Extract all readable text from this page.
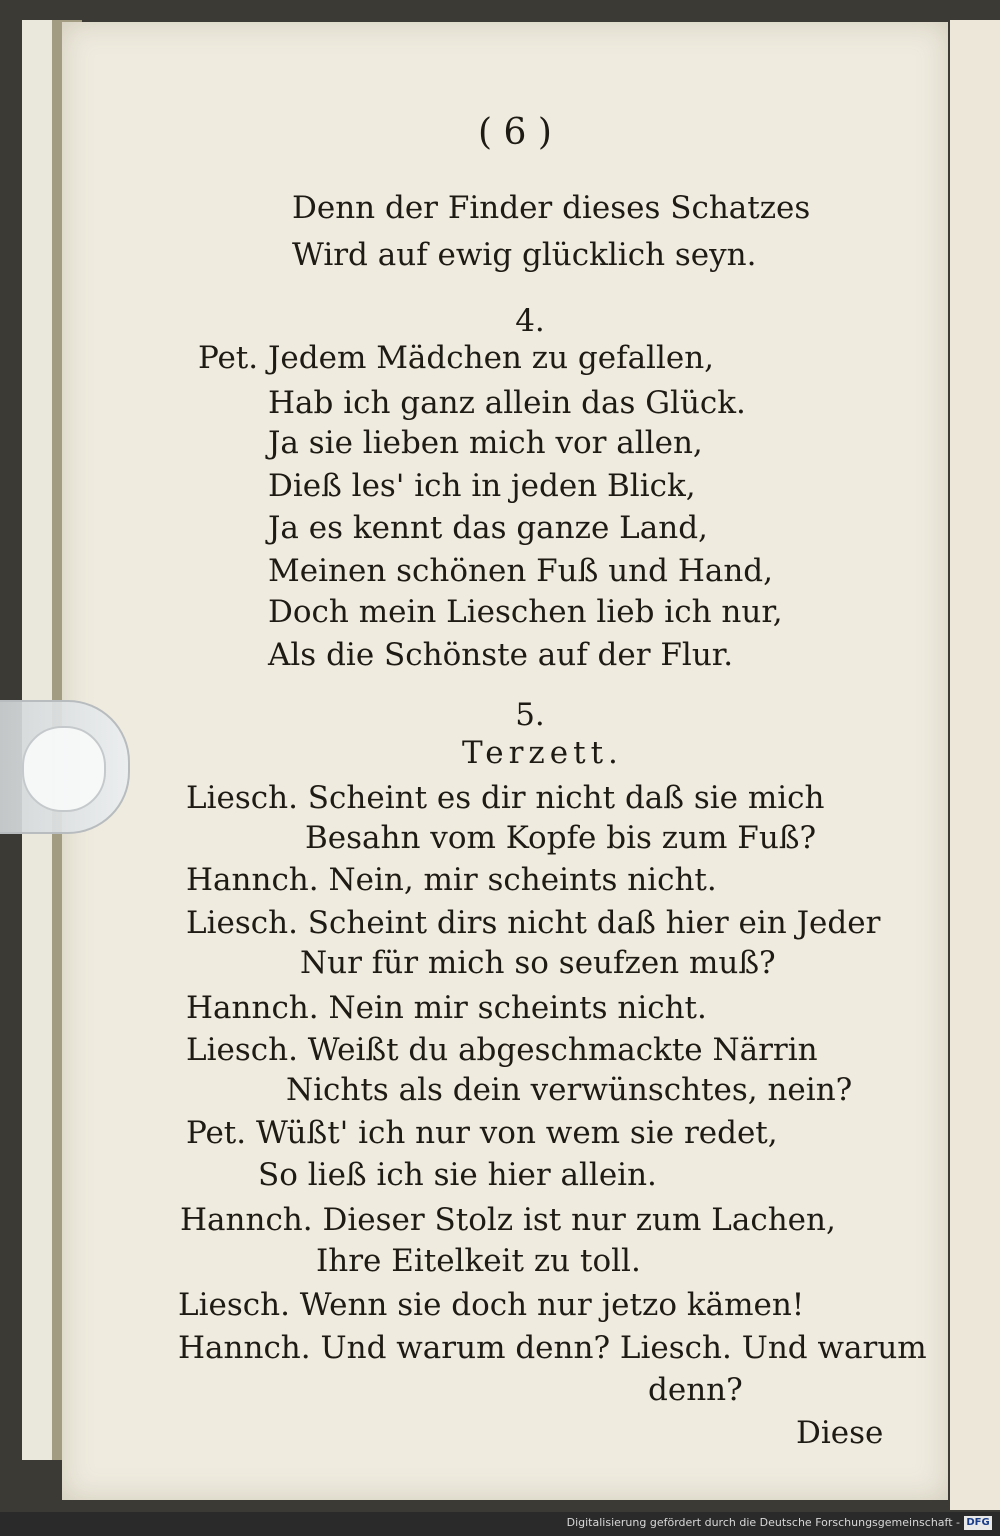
( 6 )
Denn der Finder dieses Schatzes
Wird auf ewig glücklich seyn.
4.
Pet. Jedem Mädchen zu gefallen,
Hab ich ganz allein das Glück.
Ja sie lieben mich vor allen,
Dieß les' ich in jeden Blick,
Ja es kennt das ganze Land,
Meinen schönen Fuß und Hand,
Doch mein Lieschen lieb ich nur,
Als die Schönste auf der Flur.
5.
Terzett.
Liesch. Scheint es dir nicht daß sie mich
Besahn vom Kopfe bis zum Fuß?
Hannch. Nein, mir scheints nicht.
Liesch. Scheint dirs nicht daß hier ein Jeder
Nur für mich so seufzen muß?
Hannch. Nein mir scheints nicht.
Liesch. Weißt du abgeschmackte Närrin
Nichts als dein verwünschtes, nein?
Pet. Wüßt' ich nur von wem sie redet,
So ließ ich sie hier allein.
Hannch. Dieser Stolz ist nur zum Lachen,
Ihre Eitelkeit zu toll.
Liesch. Wenn sie doch nur jetzo kämen!
Hannch. Und warum denn? Liesch. Und warum
denn?
Diese
Digitalisierung gefördert durch die Deutsche Forschungsgemeinschaft - DFG
